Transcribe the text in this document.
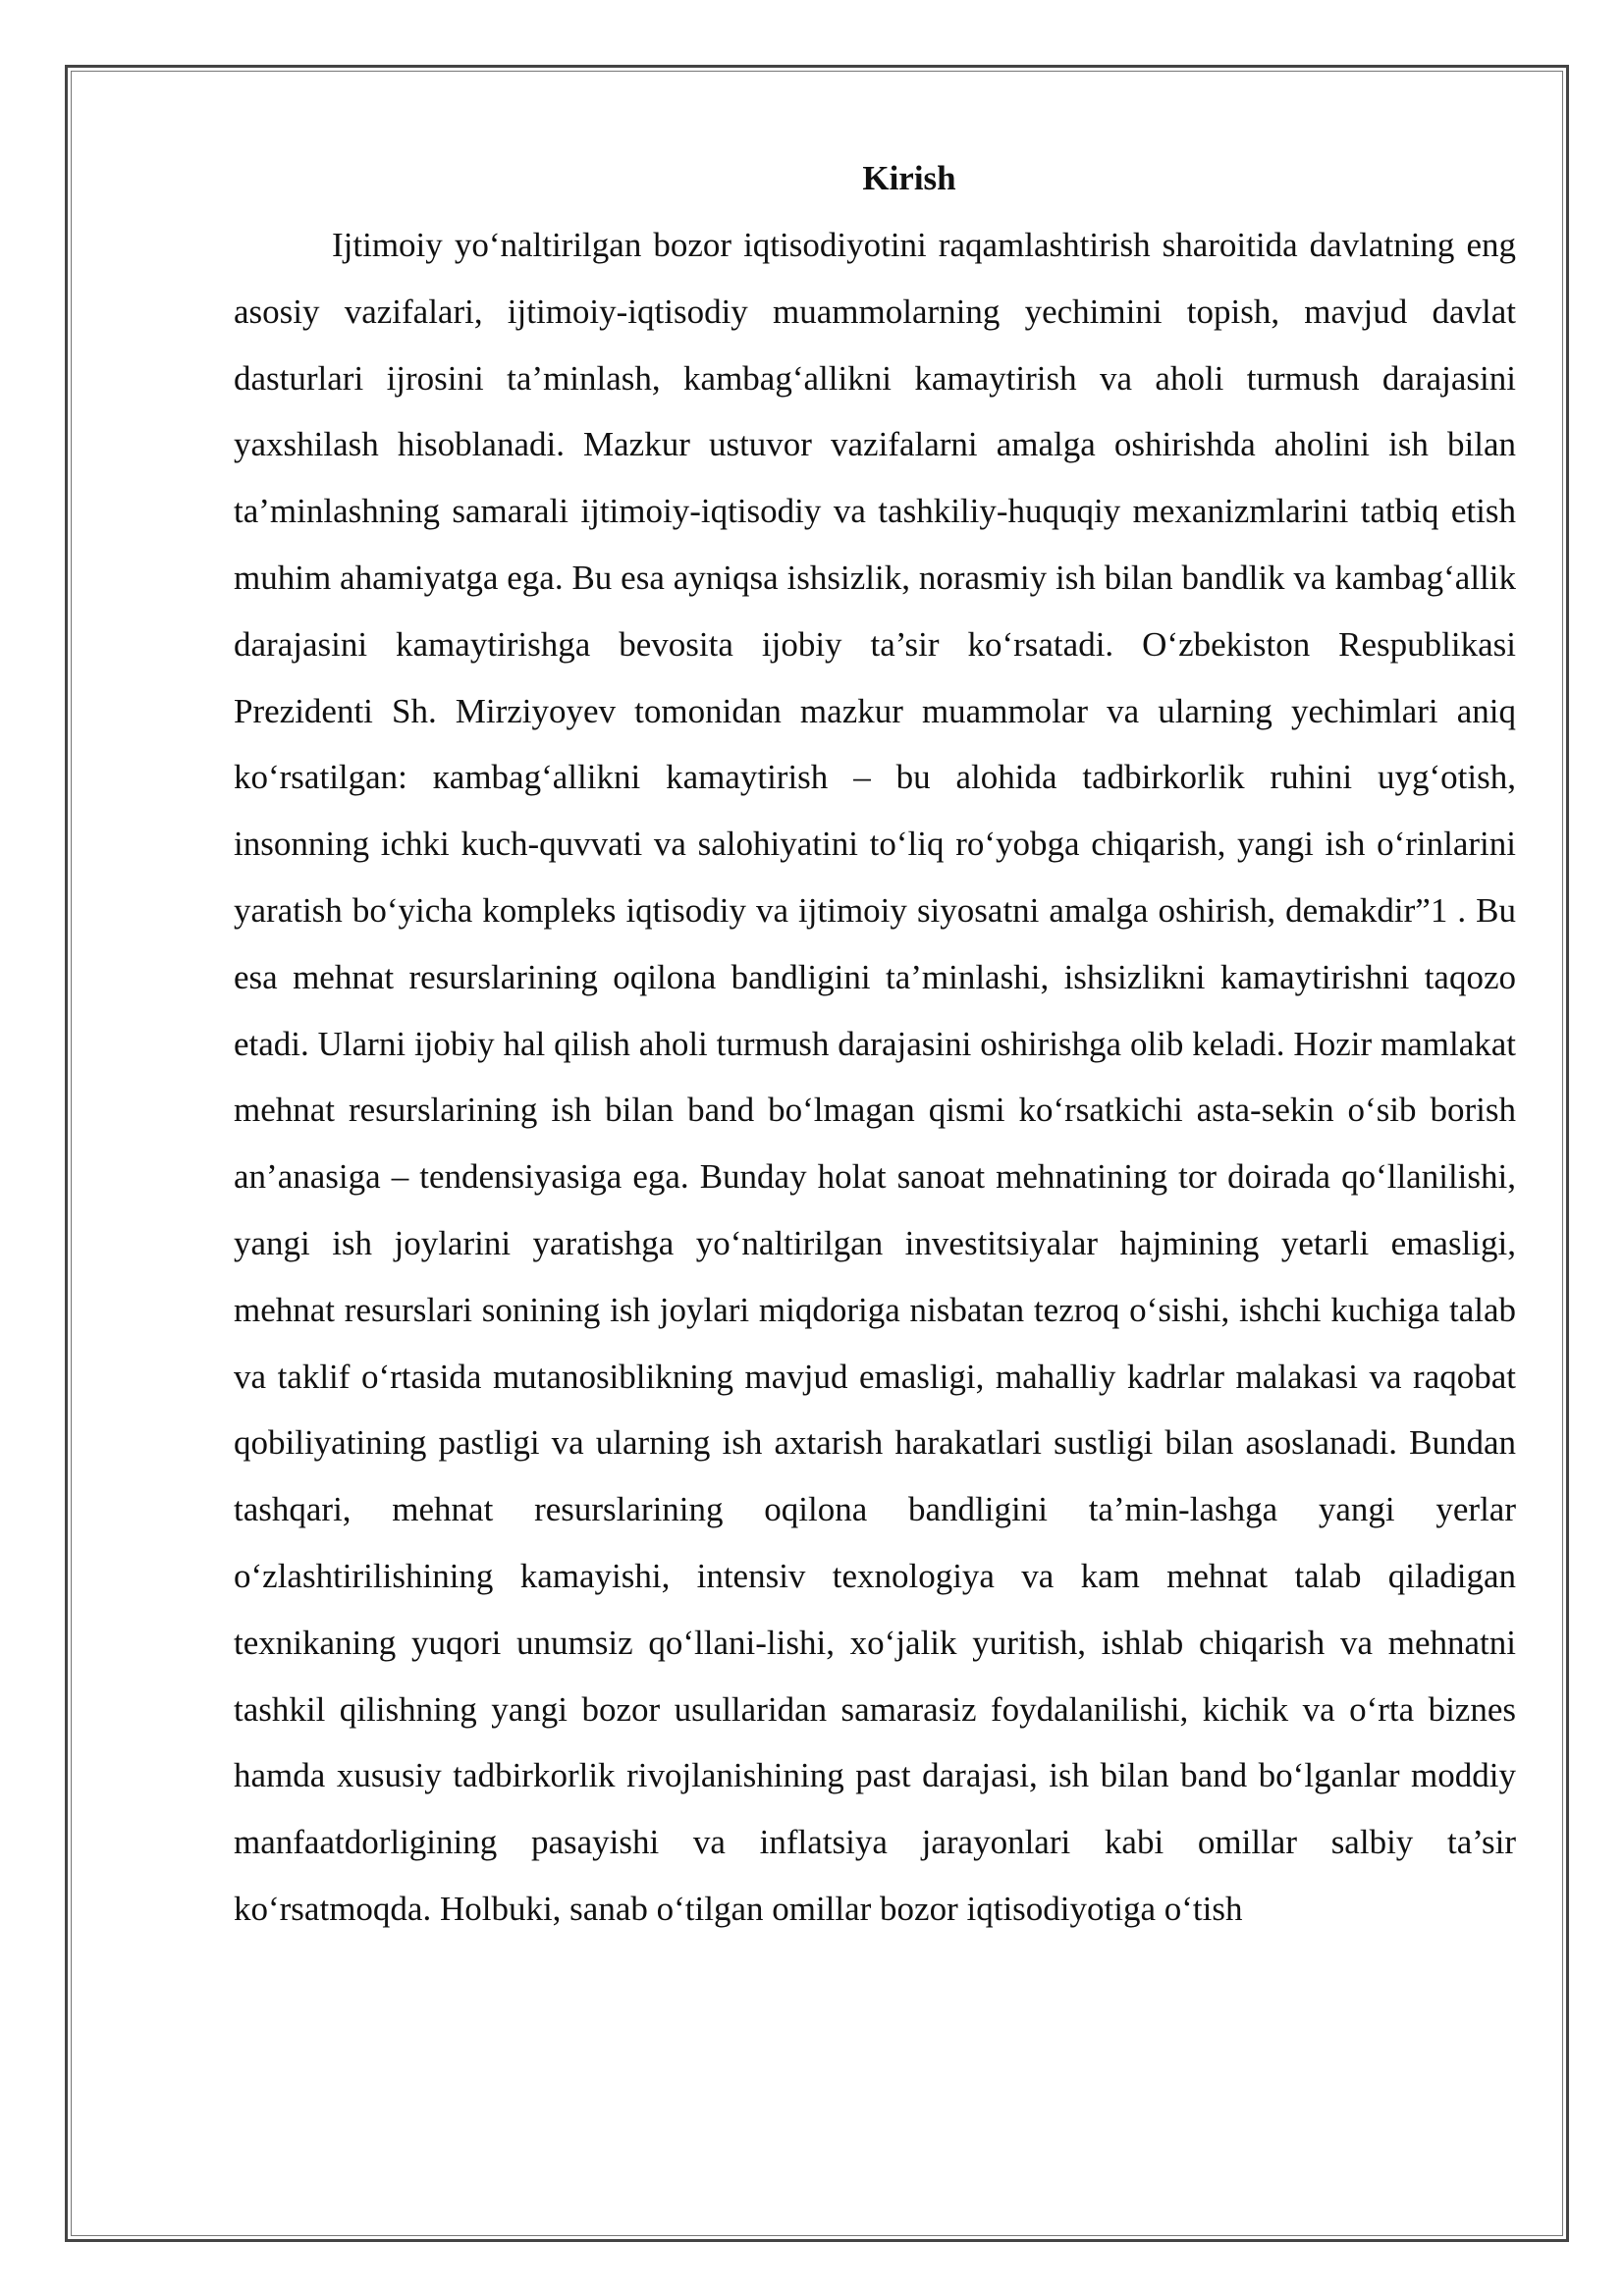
Kirish

Ijtimoiy yo‘naltirilgan bozor iqtisodiyotini raqamlashtirish sharoitida davlatning eng asosiy vazifalari, ijtimoiy-iqtisodiy muammolarning yechimini topish, mavjud davlat dasturlari ijrosini ta’minlash, kambag‘allikni kamaytirish va aholi turmush darajasini yaxshilash hisoblanadi. Mazkur ustuvor vazifalarni amalga oshirishda aholini ish bilan ta’minlashning samarali ijtimoiy-iqtisodiy va tashkiliy-huquqiy mexanizmlarini tatbiq etish muhim ahamiyatga ega. Bu esa ayniqsa ishsizlik, norasmiy ish bilan bandlik va kambag‘allik darajasini kamaytirishga bevosita ijobiy ta’sir ko‘rsatadi. O‘zbekiston Respublikasi Prezidenti Sh. Mirziyoyev tomonidan mazkur muammolar va ularning yechimlari aniq ko‘rsatilgan: кambag‘allikni kamaytirish – bu alohida tadbirkorlik ruhini uyg‘otish, insonning ichki kuch-quvvati va salohiyatini to‘liq ro‘yobga chiqarish, yangi ish o‘rinlarini yaratish bo‘yicha kompleks iqtisodiy va ijtimoiy siyosatni amalga oshirish, demakdir”1 . Bu esa mehnat resurslarining oqilona bandligini ta’minlashi, ishsizlikni kamaytirishni taqozo etadi. Ularni ijobiy hal qilish aholi turmush darajasini oshirishga olib keladi. Hozir mamlakat mehnat resurslarining ish bilan band bo‘lmagan qismi ko‘rsatkichi asta-sekin o‘sib borish an’anasiga – tendensiyasiga ega. Bunday holat sanoat mehnatining tor doirada qo‘llanilishi, yangi ish joylarini yaratishga yo‘naltirilgan investitsiyalar hajmining yetarli emasligi, mehnat resurslari sonining ish joylari miqdoriga nisbatan tezroq o‘sishi, ishchi kuchiga talab va taklif o‘rtasida mutanosiblikning mavjud emasligi, mahalliy kadrlar malakasi va raqobat qobiliyatining pastligi va ularning ish axtarish harakatlari sustligi bilan asoslanadi. Bundan tashqari, mehnat resurslarining oqilona bandligini ta’min-lashga yangi yerlar o‘zlashtirilishining kamayishi, intensiv texnologiya va kam mehnat talab qiladigan texnikaning yuqori unumsiz qo‘llani-lishi, xo‘jalik yuritish, ishlab chiqarish va mehnatni tashkil qilishning yangi bozor usullaridan samarasiz foydalanilishi, kichik va o‘rta biznes hamda xususiy tadbirkorlik rivojlanishining past darajasi, ish bilan band bo‘lganlar moddiy manfaatdorligining pasayishi va inflatsiya jarayonlari kabi omillar salbiy ta’sir ko‘rsatmoqda. Holbuki, sanab o‘tilgan omillar bozor iqtisodiyotiga o‘tish
